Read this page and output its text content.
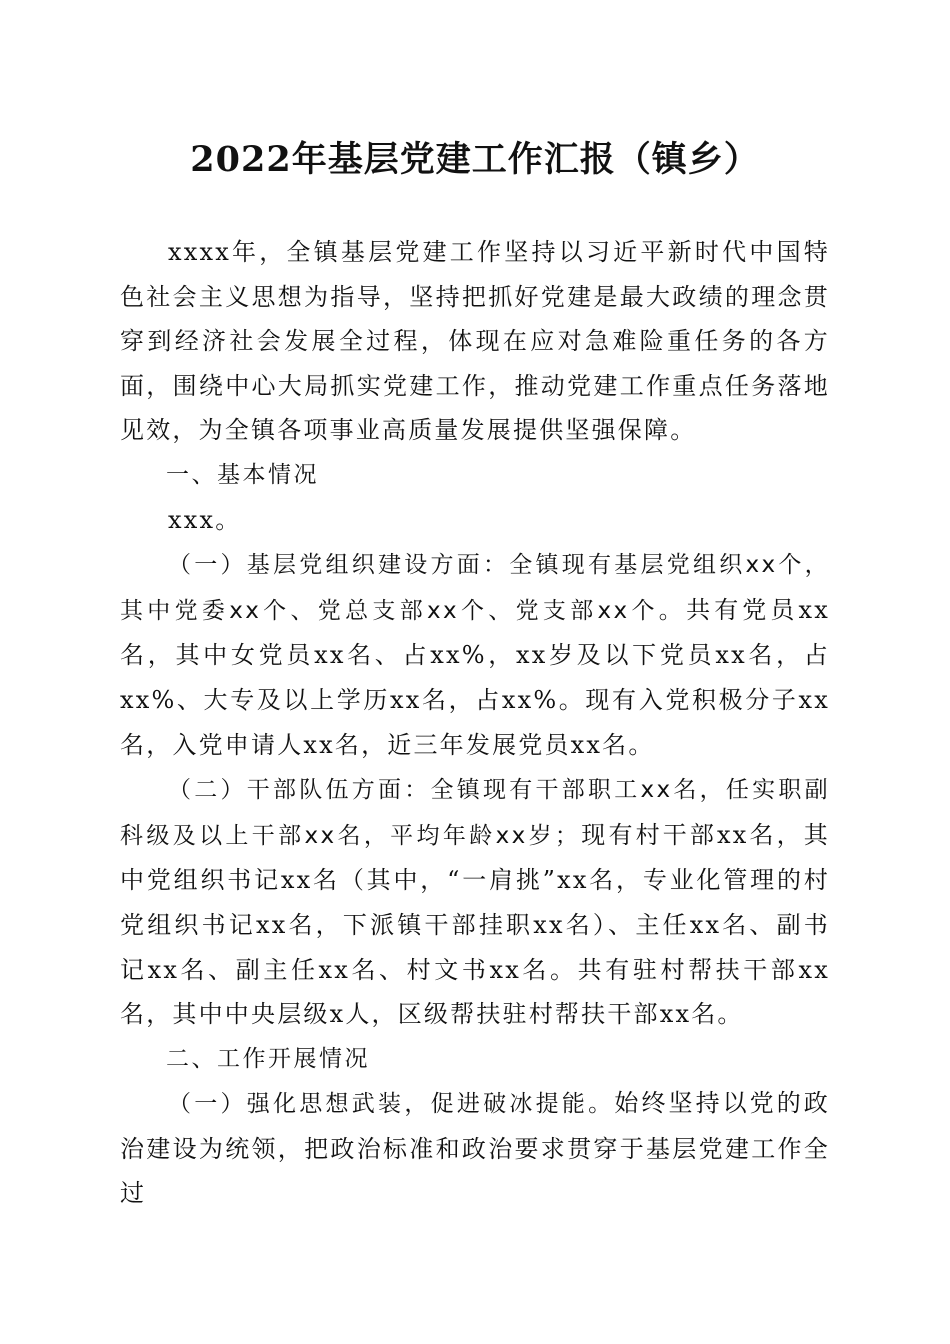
2022年基层党建工作汇报（镇乡）

xxxx年，全镇基层党建工作坚持以习近平新时代中国特色社会主义思想为指导，坚持把抓好党建是最大政绩的理念贯穿到经济社会发展全过程，体现在应对急难险重任务的各方面，围绕中心大局抓实党建工作，推动党建工作重点任务落地见效，为全镇各项事业高质量发展提供坚强保障。

一、基本情况

xxx。

（一）基层党组织建设方面：全镇现有基层党组织xx个，其中党委xx个、党总支部xx个、党支部xx个。共有党员xx名，其中女党员xx名、占xx%，xx岁及以下党员xx名，占xx%、大专及以上学历xx名，占xx%。现有入党积极分子xx名，入党申请人xx名，近三年发展党员xx名。

（二）干部队伍方面：全镇现有干部职工xx名，任实职副科级及以上干部xx名，平均年龄xx岁；现有村干部xx名，其中党组织书记xx名（其中，“一肩挑”xx名，专业化管理的村党组织书记xx名，下派镇干部挂职xx名）、主任xx名、副书记xx名、副主任xx名、村文书xx名。共有驻村帮扶干部xx名，其中中央层级x人，区级帮扶驻村帮扶干部xx名。

二、工作开展情况

（一）强化思想武装，促进破冰提能。始终坚持以党的政治建设为统领，把政治标准和政治要求贯穿于基层党建工作全过
